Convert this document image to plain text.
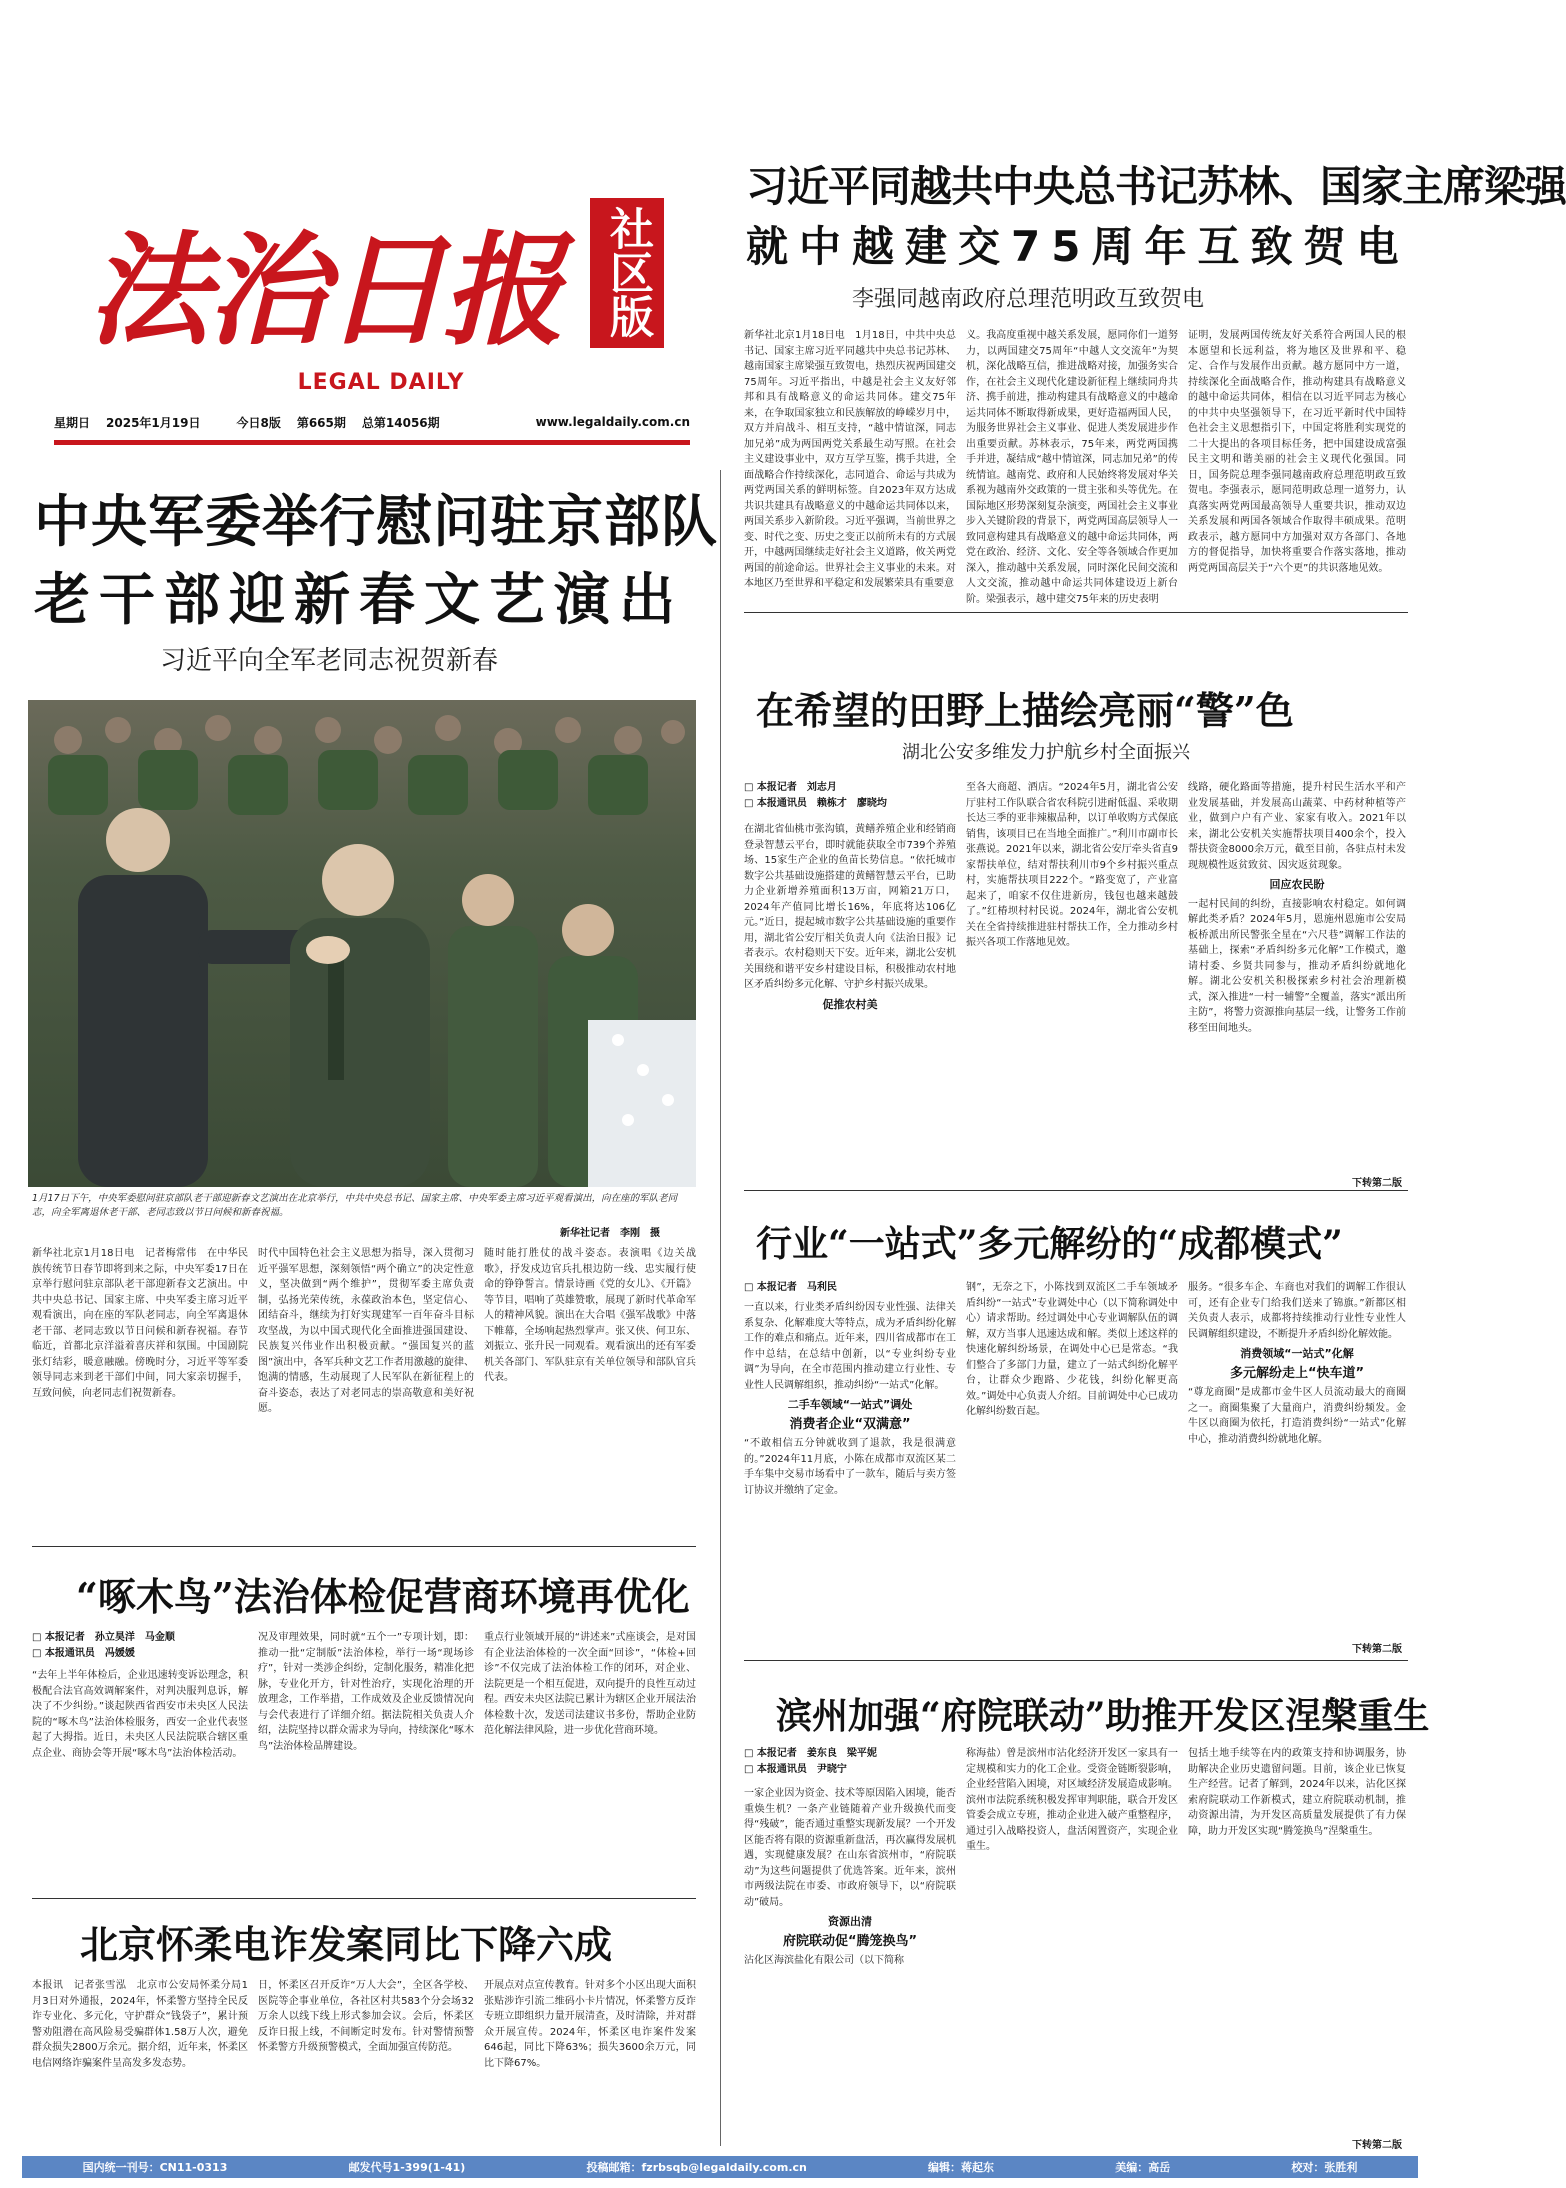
法治日报 社区版
LEGAL DAILY
星期日 2025年1月19日	今日8版 第665期 总第14056期	www.legaldaily.com.cn
习近平同越共中央总书记苏林、国家主席梁强
就中越建交75周年互致贺电
李强同越南政府总理范明政互致贺电
新华社北京1月18日电　1月18日，中共中央总书记、国家主席习近平同越共中央总书记苏林、越南国家主席梁强互致贺电，热烈庆祝两国建交75周年。习近平指出，中越是社会主义友好邻邦和具有战略意义的命运共同体。建交75年来，在争取国家独立和民族解放的峥嵘岁月中，双方并肩战斗、相互支持，“越中情谊深，同志加兄弟”成为两国两党关系最生动写照。在社会主义建设事业中，双方互学互鉴，携手共进，全面战略合作持续深化，志同道合、命运与共成为两党两国关系的鲜明标签。自2023年双方达成共识共建具有战略意义的中越命运共同体以来，两国关系步入新阶段。习近平强调，当前世界之变、时代之变、历史之变正以前所未有的方式展开，中越两国继续走好社会主义道路，攸关两党两国的前途命运。世界社会主义事业的未来。对本地区乃至世界和平稳定和发展繁荣具有重要意
义。我高度重视中越关系发展，愿同你们一道努力，以两国建交75周年“中越人文交流年”为契机，深化战略互信，推进战略对接，加强务实合作，在社会主义现代化建设新征程上继续同舟共济、携手前进，推动构建具有战略意义的中越命运共同体不断取得新成果，更好造福两国人民，为服务世界社会主义事业、促进人类发展进步作出重要贡献。苏林表示，75年来，两党两国携手并进，凝结成“越中情谊深，同志加兄弟”的传统情谊。越南党、政府和人民始终将发展对华关系视为越南外交政策的一贯主张和头等优先。在国际地区形势深刻复杂演变，两国社会主义事业步入关键阶段的背景下，两党两国高层领导人一致同意构建具有战略意义的越中命运共同体，两党在政治、经济、文化、安全等各领域合作更加深入，推动越中关系发展，同时深化民间交流和人文交流，推动越中命运共同体建设迈上新台阶。梁强表示，越中建交75年来的历史表明
证明，发展两国传统友好关系符合两国人民的根本愿望和长远利益，将为地区及世界和平、稳定、合作与发展作出贡献。越方愿同中方一道，持续深化全面战略合作，推动构建具有战略意义的越中命运共同体，相信在以习近平同志为核心的中共中央坚强领导下，在习近平新时代中国特色社会主义思想指引下，中国定将胜利实现党的二十大提出的各项目标任务，把中国建设成富强民主文明和谐美丽的社会主义现代化强国。同日，国务院总理李强同越南政府总理范明政互致贺电。李强表示，愿同范明政总理一道努力，认真落实两党两国最高领导人重要共识，推动双边关系发展和两国各领域合作取得丰硕成果。范明政表示，越方愿同中方加强对双方各部门、各地方的督促指导，加快将重要合作落实落地，推动两党两国高层关于“六个更”的共识落地见效。
中央军委举行慰问驻京部队
老干部迎新春文艺演出
习近平向全军老同志祝贺新春
1月17日下午，中央军委慰问驻京部队老干部迎新春文艺演出在北京举行，中共中央总书记、国家主席、中央军委主席习近平观看演出，向在座的军队老同志，向全军离退休老干部、老同志致以节日问候和新春祝福。
新华社记者　李刚　摄
新华社北京1月18日电　记者梅常伟　在中华民族传统节日春节即将到来之际，中央军委17日在京举行慰问驻京部队老干部迎新春文艺演出。中共中央总书记、国家主席、中央军委主席习近平观看演出，向在座的军队老同志，向全军离退休老干部、老同志致以节日问候和新春祝福。春节临近，首都北京洋溢着喜庆祥和氛围。中国剧院张灯结彩，暖意融融。傍晚时分，习近平等军委领导同志来到老干部们中间，同大家亲切握手，互致问候，向老同志们祝贺新春。
时代中国特色社会主义思想为指导，深入贯彻习近平强军思想，深刻领悟“两个确立”的决定性意义，坚决做到“两个维护”，贯彻军委主席负责制，弘扬光荣传统，永葆政治本色，坚定信心、团结奋斗，继续为打好实现建军一百年奋斗目标攻坚战，为以中国式现代化全面推进强国建设、民族复兴伟业作出积极贡献。“强国复兴的蓝图”演出中，各军兵种文艺工作者用激越的旋律、饱满的情感，生动展现了人民军队在新征程上的奋斗姿态，表达了对老同志的崇高敬意和美好祝愿。
随时能打胜仗的战斗姿态。表演唱《边关战歌》，抒发戍边官兵扎根边防一线、忠实履行使命的铮铮誓言。情景诗画《党的女儿》、《开篇》等节目，唱响了英雄赞歌，展现了新时代革命军人的精神风貌。演出在大合唱《强军战歌》中落下帷幕，全场响起热烈掌声。张又侠、何卫东、刘振立、张升民一同观看。观看演出的还有军委机关各部门、军队驻京有关单位领导和部队官兵代表。
在希望的田野上描绘亮丽“警”色
湖北公安多维发力护航乡村全面振兴
□ 本报记者　刘志月
□ 本报通讯员　赖栋才　廖晓均
在湖北省仙桃市张沟镇，黄鳝养殖企业和经销商登录智慧云平台，即时就能获取全市739个养殖场、15家生产企业的鱼苗长势信息。“依托城市数字公共基础设施搭建的黄鳝智慧云平台，已助力企业新增养殖面积13万亩，网箱21万口，2024年产值同比增长16%，年底将达106亿元。”近日，提起城市数字公共基础设施的重要作用，湖北省公安厅相关负责人向《法治日报》记者表示。农村稳则天下安。近年来，湖北公安机关围绕和谐平安乡村建设目标，积极推动农村地区矛盾纠纷多元化解、守护乡村振兴成果。
促推农村美
至各大商超、酒店。“2024年5月，湖北省公安厅驻村工作队联合省农科院引进耐低温、采收期长达三季的亚非辣椒品种，以订单收购方式保底销售，该项目已在当地全面推广。”利川市副市长张燕说。2021年以来，湖北省公安厅牵头省直9家帮扶单位，结对帮扶利川市9个乡村振兴重点村，实施帮扶项目222个。“路变宽了，产业富起来了，咱家不仅住进新房，钱包也越来越鼓了。”红椿坝村村民说。2024年，湖北省公安机关在全省持续推进驻村帮扶工作，全力推动乡村振兴各项工作落地见效。
线路，硬化路面等措施，提升村民生活水平和产业发展基础，并发展高山蔬菜、中药材种植等产业，做到户户有产业、家家有收入。2021年以来，湖北公安机关实施帮扶项目400余个，投入帮扶资金8000余万元，截至目前，各驻点村未发现规模性返贫致贫、因灾返贫现象。
回应农民盼
一起村民间的纠纷，直接影响农村稳定。如何调解此类矛盾？2024年5月，恩施州恩施市公安局板桥派出所民警张全星在“六尺巷”调解工作法的基础上，探索“矛盾纠纷多元化解”工作模式，邀请村委、乡贤共同参与，推动矛盾纠纷就地化解。湖北公安机关积极探索乡村社会治理新模式，深入推进“一村一辅警”全覆盖，落实“派出所主防”，将警力资源推向基层一线，让警务工作前移至田间地头。
下转第二版
行业“一站式”多元解纷的“成都模式”
□ 本报记者　马利民
一直以来，行业类矛盾纠纷因专业性强、法律关系复杂、化解难度大等特点，成为矛盾纠纷化解工作的难点和痛点。近年来，四川省成都市在工作中总结，在总结中创新，以“专业纠纷专业调”为导向，在全市范围内推动建立行业性、专业性人民调解组织，推动纠纷“一站式”化解。
二手车领域“一站式”调处
消费者企业“双满意”
“不敢相信五分钟就收到了退款，我是很满意的。”2024年11月底，小陈在成都市双流区某二手车集中交易市场看中了一款车，随后与卖方签订协议并缴纳了定金。
钢”，无奈之下，小陈找到双流区二手车领域矛盾纠纷“一站式”专业调处中心（以下简称调处中心）请求帮助。经过调处中心专业调解队伍的调解，双方当事人迅速达成和解。类似上述这样的快速化解纠纷场景，在调处中心已是常态。“我们整合了多部门力量，建立了一站式纠纷化解平台，让群众少跑路、少花钱，纠纷化解更高效。”调处中心负责人介绍。目前调处中心已成功化解纠纷数百起。
服务。“很多车企、车商也对我们的调解工作很认可，还有企业专门给我们送来了锦旗。”新都区相关负责人表示，成都将持续推动行业性专业性人民调解组织建设，不断提升矛盾纠纷化解效能。
消费领域“一站式”化解
多元解纷走上“快车道”
“尊龙商圈”是成都市金牛区人员流动最大的商圈之一。商圈集聚了大量商户，消费纠纷频发。金牛区以商圈为依托，打造消费纠纷“一站式”化解中心，推动消费纠纷就地化解。
下转第二版
“啄木鸟”法治体检促营商环境再优化
□ 本报记者　孙立昊洋　马金顺
□ 本报通讯员　冯媛媛
“去年上半年体检后，企业迅速转变诉讼理念，积极配合法官高效调解案件，对判决服判息诉，解决了不少纠纷。”谈起陕西省西安市未央区人民法院的“啄木鸟”法治体检服务，西安一企业代表竖起了大拇指。近日，未央区人民法院联合辖区重点企业、商协会等开展“啄木鸟”法治体检活动。
况及审理效果，同时就“五个一”专项计划，即：推动一批“定制版”法治体检，举行一场“现场诊疗”，针对一类涉企纠纷，定制化服务，精准化把脉，专业化开方，针对性治疗，实现化治理的开放理念，工作举措，工作成效及企业反馈情况向与会代表进行了详细介绍。据法院相关负责人介绍，法院坚持以群众需求为导向，持续深化“啄木鸟”法治体检品牌建设。
重点行业领域开展的“讲述来”式座谈会，是对国有企业法治体检的一次全面“回诊”，“体检+回诊”不仅完成了法治体检工作的闭环，对企业、法院更是一个相互促进，双向提升的良性互动过程。西安未央区法院已累计为辖区企业开展法治体检数十次，发送司法建议书多份，帮助企业防范化解法律风险，进一步优化营商环境。
北京怀柔电诈发案同比下降六成
本报讯　记者张雪泓　北京市公安局怀柔分局1月3日对外通报，2024年，怀柔警方坚持全民反诈专业化、多元化，守护群众“钱袋子”，累计预警劝阻潜在高风险易受骗群体1.58万人次，避免群众损失2800万余元。据介绍，近年来，怀柔区电信网络诈骗案件呈高发多发态势。
日，怀柔区召开反诈“万人大会”，全区各学校、医院等企事业单位，各社区村共583个分会场32万余人以线下线上形式参加会议。会后，怀柔区反诈日报上线，不间断定时发布。针对警情预警怀柔警方升级预警模式，全面加强宣传防范。
开展点对点宣传教育。针对多个小区出现大面积张贴涉诈引流二维码小卡片情况，怀柔警方反诈专班立即组织力量开展清查，及时清除，并对群众开展宣传。2024年，怀柔区电诈案件发案646起，同比下降63%；损失3600余万元，同比下降67%。
滨州加强“府院联动”助推开发区涅槃重生
□ 本报记者　姜东良　梁平妮
□ 本报通讯员　尹晓宁
一家企业因为资金、技术等原因陷入困境，能否重焕生机？一条产业链随着产业升级换代而变得“残破”，能否通过重整实现新发展？一个开发区能否将有限的资源重新盘活，再次赢得发展机遇，实现健康发展？在山东省滨州市，“府院联动”为这些问题提供了优选答案。近年来，滨州市两级法院在市委、市政府领导下，以“府院联动”破局。
资源出清
府院联动促“腾笼换鸟”
沾化区海滨盐化有限公司（以下简称
称海盐）曾是滨州市沾化经济开发区一家具有一定规模和实力的化工企业。受资金链断裂影响，企业经营陷入困境，对区域经济发展造成影响。滨州市法院系统积极发挥审判职能，联合开发区管委会成立专班，推动企业进入破产重整程序，通过引入战略投资人，盘活闲置资产，实现企业重生。
包括土地手续等在内的政策支持和协调服务，协助解决企业历史遗留问题。目前，该企业已恢复生产经营。记者了解到，2024年以来，沾化区探索府院联动工作新模式，建立府院联动机制，推动资源出清，为开发区高质量发展提供了有力保障，助力开发区实现“腾笼换鸟”涅槃重生。
下转第二版
国内统一刊号：CN11-0313	邮发代号1-399(1-41)	投稿邮箱：fzrbsqb@legaldaily.com.cn	编辑：蒋起东	美编：高岳	校对：张胜利
